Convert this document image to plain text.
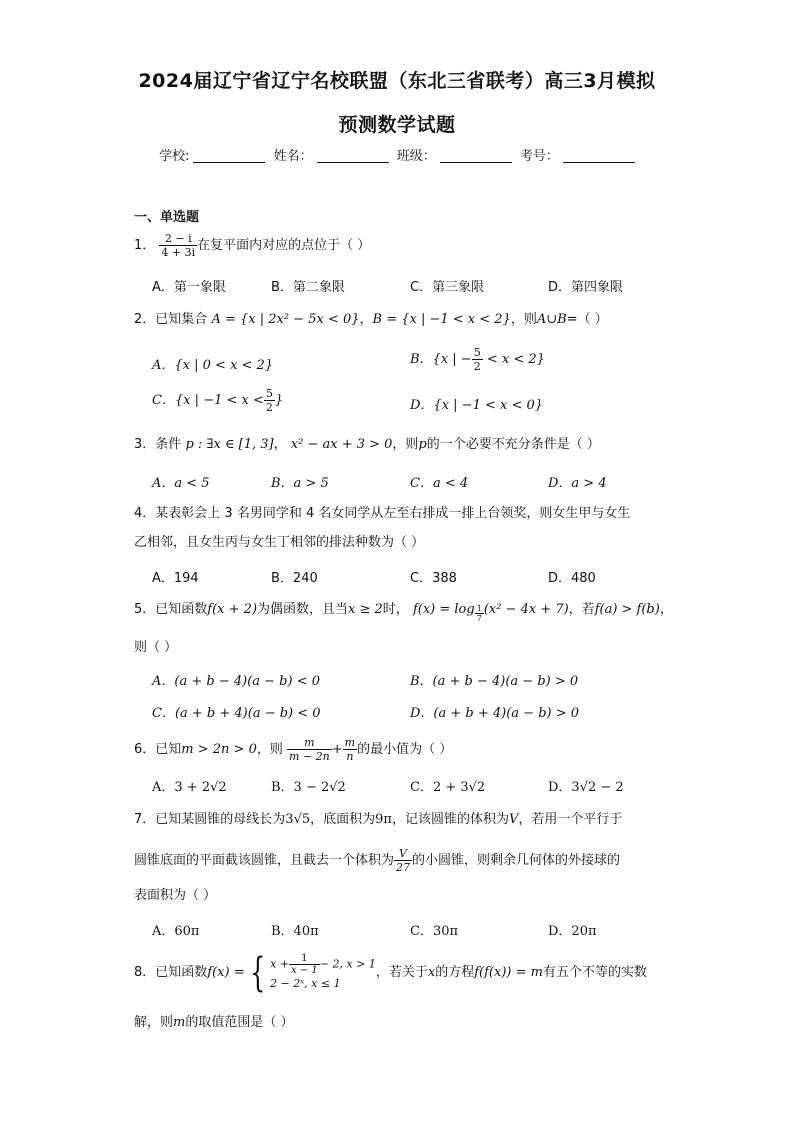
2024届辽宁省辽宁名校联盟（东北三省联考）高三3月模拟
预测数学试题
学校:	姓名：	班级：	考号：
一、单选题
1． $\frac{2 - i}{4 + 3i}$ 在复平面内对应的点位于（ ）
A．第一象限	B．第二象限	C．第三象限	D．第四象限
2．已知集合 A = {x | 2x² − 5x < 0}，B = {x | −1 < x < 2}，则A∪B=（ ）
A．{x | 0 < x < 2}	B．{x | − $\frac{5}{2} < x < 2$}
C．{x | $-1 < x < \frac{5}{2}$ }	D．{x | −1 < x < 0}
3．条件 p : ∃x ∈ [1, 3]， x² − ax + 3 > 0，则p的一个必要不充分条件是（ ）
A．a < 5	B．a > 5	C．a < 4	D．a > 4
4．某表彰会上 3 名男同学和 4 名女同学从左至右排成一排上台领奖，则女生甲与女生
乙相邻，且女生丙与女生丁相邻的排法种数为（ ）
A．194	B．240	C．388	D．480
5．已知函数f(x + 2)为偶函数，且当x ≥ 2时， $f(x) = \log \frac{1}{7} (x^2 - 4x + 7)$，若f(a) > f(b)，
则（ ）
A．(a + b − 4)(a − b) < 0	B．(a + b − 4)(a − b) > 0
C．(a + b + 4)(a − b) < 0	D．(a + b + 4)(a − b) > 0
6．已知m > 2n > 0，则 $\frac{m}{m - 2n} + \frac{m}{n}$ 的最小值为（ ）
A．3 + 2√2	B．3 − 2√2	C．2 + 3√2	D．3√2 − 2
7．已知某圆锥的母线长为3√5，底面积为9π，记该圆锥的体积为V，若用一个平行于
圆锥底面的平面截该圆锥，且截去一个体积为 $\frac{V}{27}$ 的小圆锥，则剩余几何体的外接球的
表面积为（ ）
A．60π	B．40π	C．30π	D．20π
8．已知函数f(x) = { $x + \frac{1}{x - 1} - 2$, x > 1
2 − 2ˣ, x ≤ 1
，若关于x的方程f(f(x)) = m有五个不等的实数
解，则m的取值范围是（ ）
